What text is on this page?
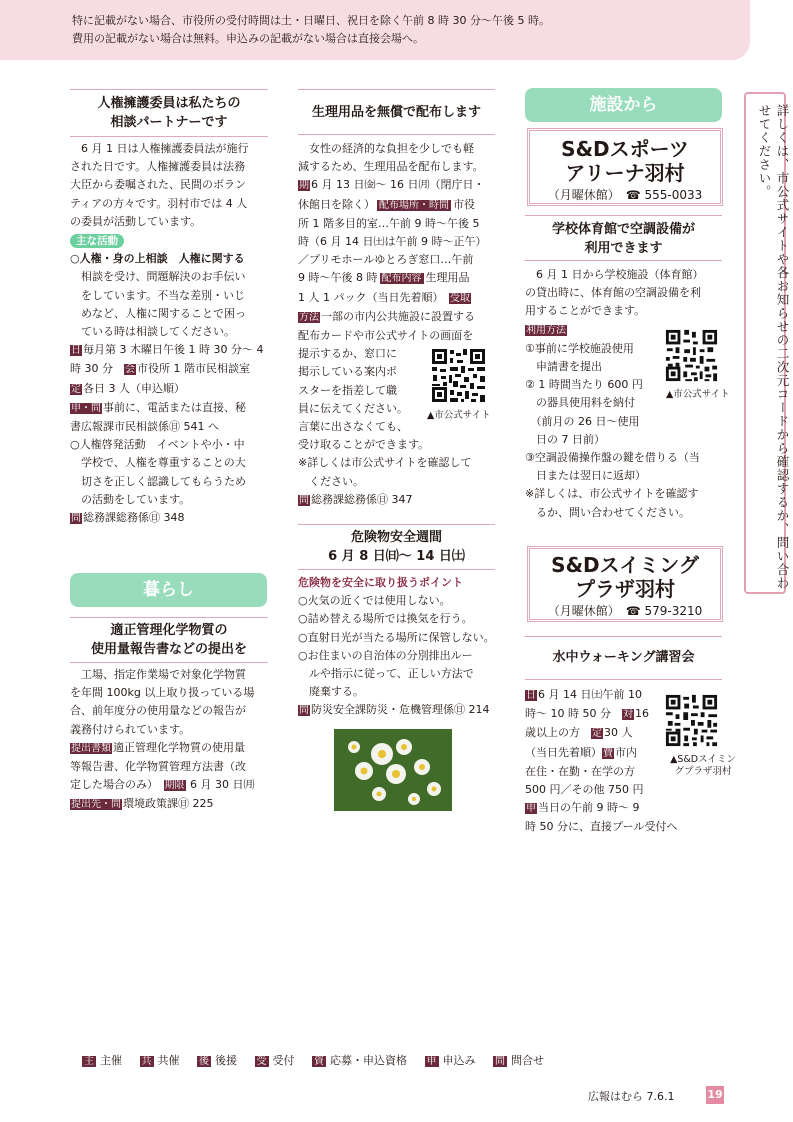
特に記載がない場合、市役所の受付時間は土・日曜日、祝日を除く午前 8 時 30 分〜午後 5 時。

費用の記載がない場合は無料。申込みの記載がない場合は直接会場へ。

詳しくは、市公式サイトや各お知らせの二次元コードから確認するか、問い合わせてください。
人権擁護委員は私たちの
相談パートナーです
　6 月 1 日は人権擁護委員法が施行
された日です。人権擁護委員は法務
大臣から委嘱された、民間のボラン
ティアの方々です。羽村市では 4 人
の委員が活動しています。
主な活動
○人権・身の上相談　人権に関する
　相談を受け、問題解決のお手伝い
　をしています。不当な差別・いじ
　めなど、人権に関することで困っ
　ている時は相談してください。
日 毎月第 3 木曜日午後 1 時 30 分〜 4
時 30 分　 会 市役所 1 階市民相談室
定 各日 3 人（申込順）
申・問 事前に、電話または直接、秘
書広報課市民相談係㊐ 541 へ
○人権啓発活動　イベントや小・中
　学校で、人権を尊重することの大
　切さを正しく認識してもらうため
　の活動をしています。
問 総務課総務係㊐ 348
暮らし
適正管理化学物質の
使用量報告書などの提出を
　工場、指定作業場で対象化学物質
を年間 100kg 以上取り扱っている場
合、前年度分の使用量などの報告が
義務付けられています。
提出書類 適正管理化学物質の使用量
等報告書、化学物質管理方法書（改
定した場合のみ）　 期限 6 月 30 日㈪
提出先・問 環境政策課㊐ 225
生理用品を無償で配布します
　女性の経済的な負担を少しでも軽
減するため、生理用品を配布します。
期 6 月 13 日㈮〜 16 日㈪（閉庁日・
休館日を除く） 配布場所・時間 市役
所 1 階多目的室…午前 9 時〜午後 5
時（6 月 14 日㈯は午前 9 時〜正午）
／プリモホールゆとろぎ窓口…午前
9 時〜午後 8 時 配布内容 生理用品
1 人 1 パック（当日先着順）　 受取
方法 一部の市内公共施設に設置する
配布カードや市公式サイトの画面を
提示するか、窓口に
掲示している案内ポ
スターを指差して職
員に伝えてください。
言葉に出さなくても、
受け取ることができます。
※詳しくは市公式サイトを確認して
　ください。
問 総務課総務係㊐ 347
▲市公式サイト
危険物安全週間
6 月 8 日㈰〜 14 日㈯
危険物を安全に取り扱うポイント
○火気の近くでは使用しない。
○詰め替える場所では換気を行う。
○直射日光が当たる場所に保管しない。
○お住まいの自治体の分別排出ルー
　ルや指示に従って、正しい方法で
　廃棄する。
問 防災安全課防災・危機管理係㊐ 214
施設から
S&Dスポーツ
アリーナ羽村
（月曜休館）　☎ 555-0033
学校体育館で空調設備が
利用できます
　6 月 1 日から学校施設（体育館）
の貸出時に、体育館の空調設備を利
用することができます。
利用方法
①事前に学校施設使用
　申請書を提出
② 1 時間当たり 600 円
　の器具使用料を納付
　（前月の 26 日〜使用
　日の 7 日前）
③空調設備操作盤の鍵を借りる（当
　日または翌日に返却）
※詳しくは、市公式サイトを確認す
　るか、問い合わせてください。
▲市公式サイト
S&Dスイミング
プラザ羽村
（月曜休館）　☎ 579-3210
水中ウォーキング講習会
日 6 月 14 日㈯午前 10
時〜 10 時 50 分　 対 16
歳以上の方　 定 30 人
（当日先着順）費 市内
在住・在勤・在学の方
500 円／その他 750 円
申 当日の午前 9 時〜 9
時 50 分に、直接プール受付へ
▲S&Dスイミン
グプラザ羽村
主 主催 共 共催 後 後援 受 受付 資 応募・申込資格 申 申込み 問 問合せ
広報はむら 7.6.1	19
